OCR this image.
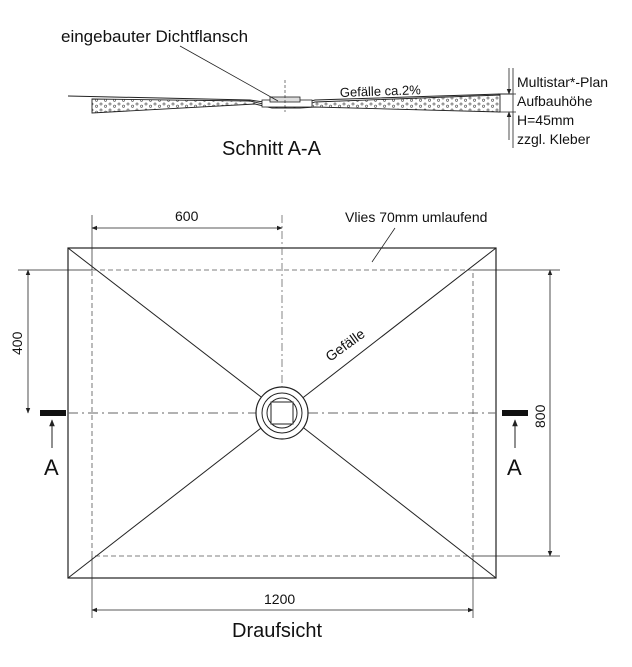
eingebauter Dichtflansch
Gefälle ca.2%
Multistar*-Plan
Aufbauhöhe
H=45mm
zzgl. Kleber
Schnitt A-A
Vlies 70mm umlaufend
Gefälle
600
400
800
1200
A	A
Draufsicht
